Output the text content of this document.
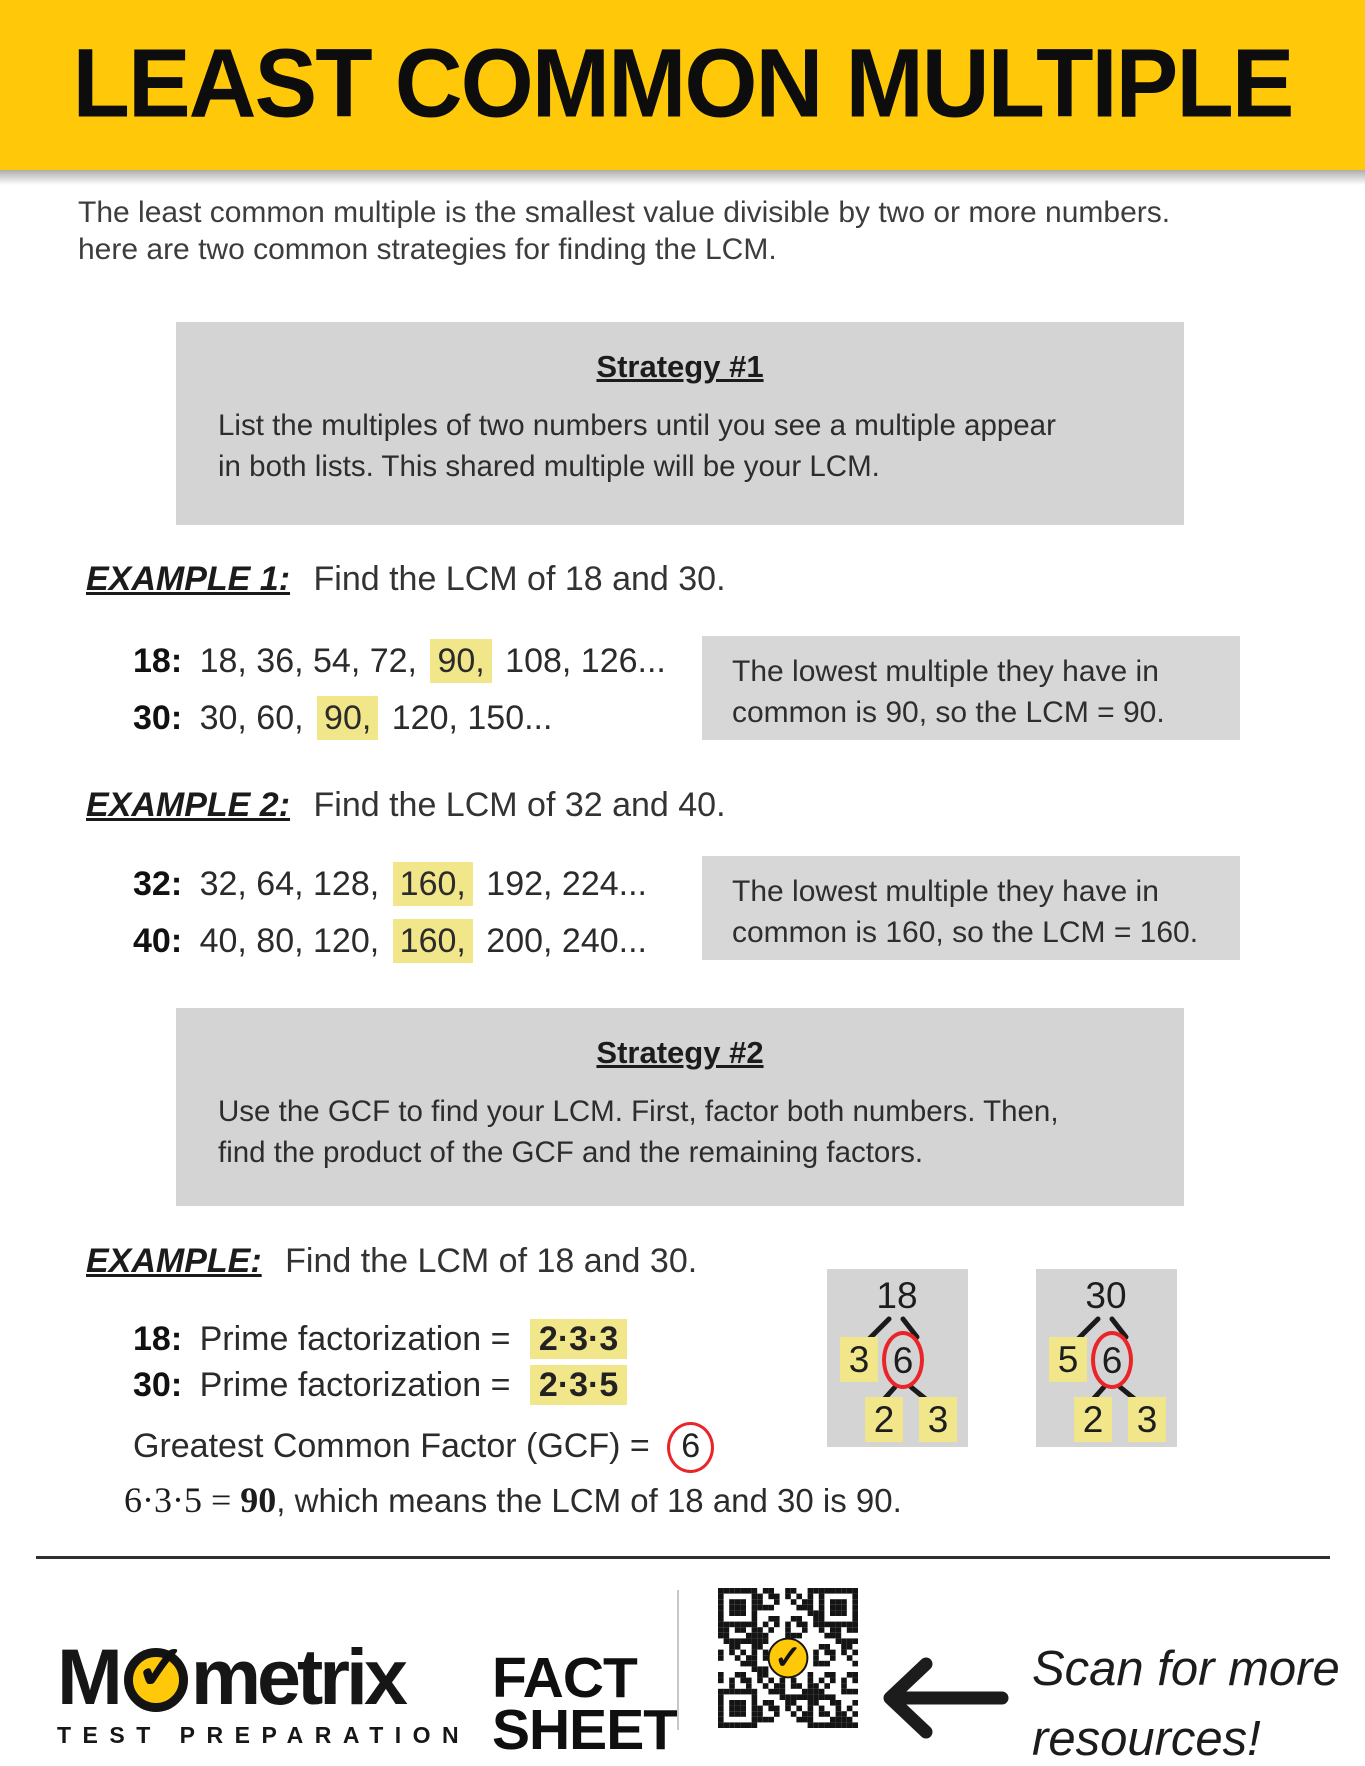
LEAST COMMON MULTIPLE
The least common multiple is the smallest value divisible by two or more numbers.
here are two common strategies for finding the LCM.
Strategy #1
List the multiples of two numbers until you see a multiple appear
in both lists. This shared multiple will be your LCM.
EXAMPLE 1: Find the LCM of 18 and 30.
18: 18, 36, 54, 72, 90, 108, 126...
30: 30, 60, 90, 120, 150...
The lowest multiple they have in
common is 90, so the LCM = 90.
EXAMPLE 2: Find the LCM of 32 and 40.
32: 32, 64, 128, 160, 192, 224...
40: 40, 80, 120, 160, 200, 240...
The lowest multiple they have in
common is 160, so the LCM = 160.
Strategy #2
Use the GCF to find your LCM. First, factor both numbers. Then,
find the product of the GCF and the remaining factors.
EXAMPLE: Find the LCM of 18 and 30.
18: Prime factorization = 2·3·3
30: Prime factorization = 2·3·5
Greatest Common Factor (GCF) = 6
6·3·5 = 90, which means the LCM of 18 and 30 is 90.
18
3 6
2 3
30
5 6
2 3
M ✓ metrix
TEST PREPARATION
FACT
SHEET
✓	Scan for more
resources!
